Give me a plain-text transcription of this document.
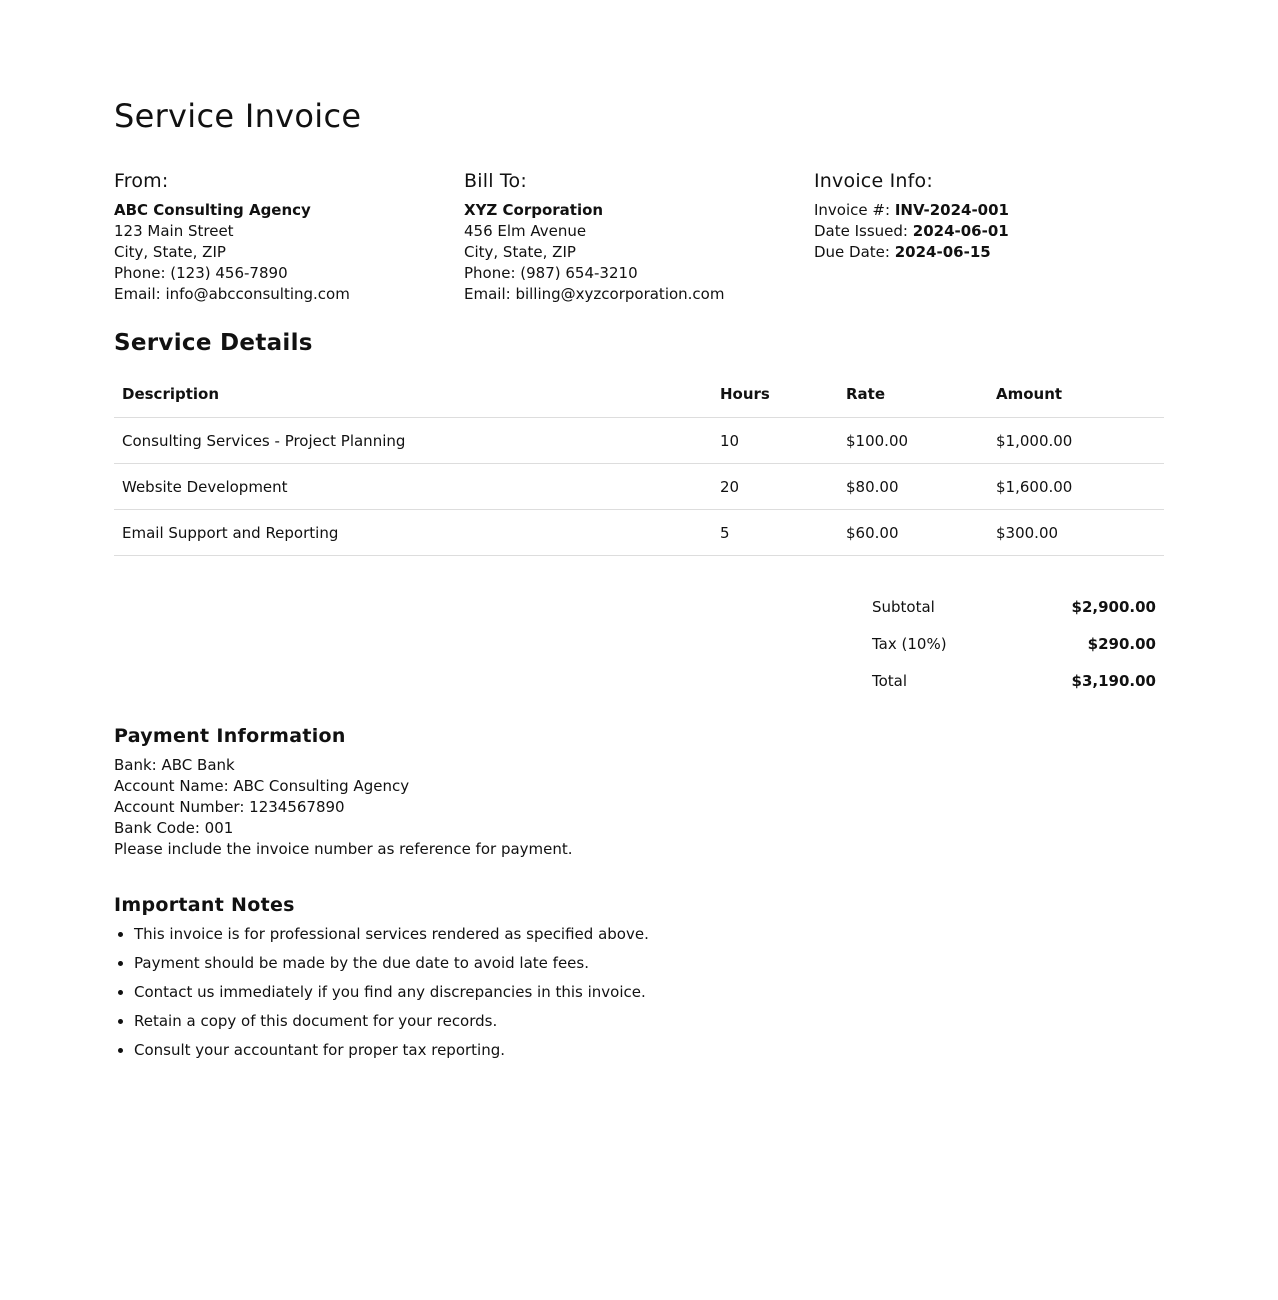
Service Invoice
From:
ABC Consulting Agency
123 Main Street
City, State, ZIP
Phone: (123) 456-7890
Email: info@abcconsulting.com
Bill To:
XYZ Corporation
456 Elm Avenue
City, State, ZIP
Phone: (987) 654-3210
Email: billing@xyzcorporation.com
Invoice Info:
Invoice #: INV-2024-001
Date Issued: 2024-06-01
Due Date: 2024-06-15
Service Details
Description	Hours	Rate	Amount
Consulting Services - Project Planning	10	$100.00	$1,000.00
Website Development	20	$80.00	$1,600.00
Email Support and Reporting	5	$60.00	$300.00
Subtotal	$2,900.00
Tax (10%)	$290.00
Total	$3,190.00
Payment Information
Bank: ABC Bank
Account Name: ABC Consulting Agency
Account Number: 1234567890
Bank Code: 001
Please include the invoice number as reference for payment.
Important Notes
• This invoice is for professional services rendered as specified above.
• Payment should be made by the due date to avoid late fees.
• Contact us immediately if you find any discrepancies in this invoice.
• Retain a copy of this document for your records.
• Consult your accountant for proper tax reporting.
